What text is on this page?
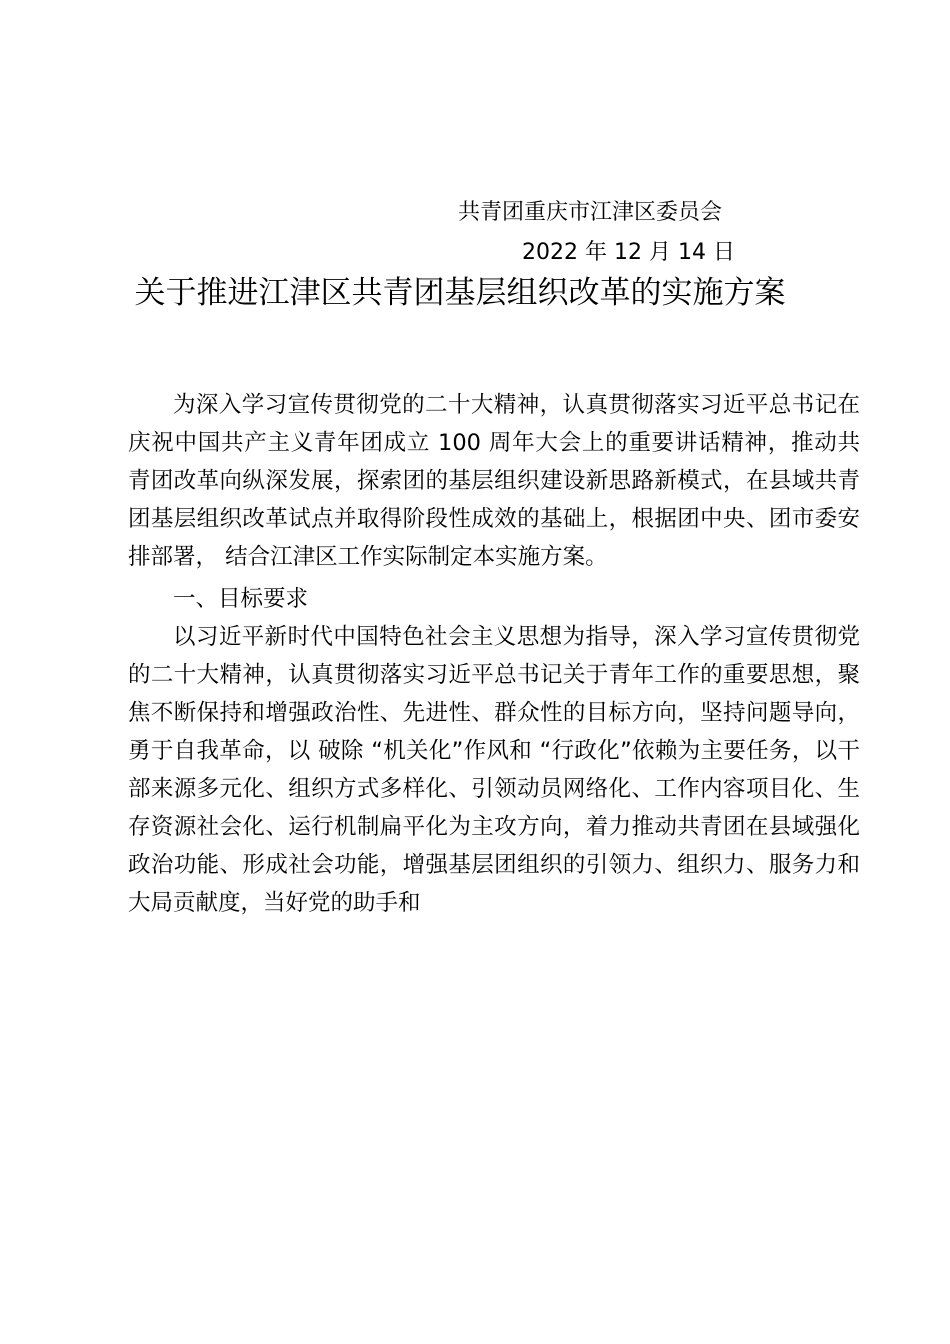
共青团重庆市江津区委员会
2022 年 12 月 14 日
关于推进江津区共青团基层组织改革的实施方案

为深入学习宣传贯彻党的二十大精神，认真贯彻落实习近平总书记在庆祝中国共产主义青年团成立 100 周年大会上的重要讲话精神，推动共青团改革向纵深发展，探索团的基层组织建设新思路新模式，在县域共青团基层组织改革试点并取得阶段性成效的基础上，根据团中央、团市委安排部署， 结合江津区工作实际制定本实施方案。

一、目标要求

以习近平新时代中国特色社会主义思想为指导，深入学习宣传贯彻党的二十大精神，认真贯彻落实习近平总书记关于青年工作的重要思想，聚焦不断保持和增强政治性、先进性、群众性的目标方向，坚持问题导向，勇于自我革命，以 破除 “机关化”作风和 “行政化”依赖为主要任务，以干部来源多元化、组织方式多样化、引领动员网络化、工作内容项目化、生存资源社会化、运行机制扁平化为主攻方向，着力推动共青团在县域强化政治功能、形成社会功能，增强基层团组织的引领力、组织力、服务力和大局贡献度，当好党的助手和
